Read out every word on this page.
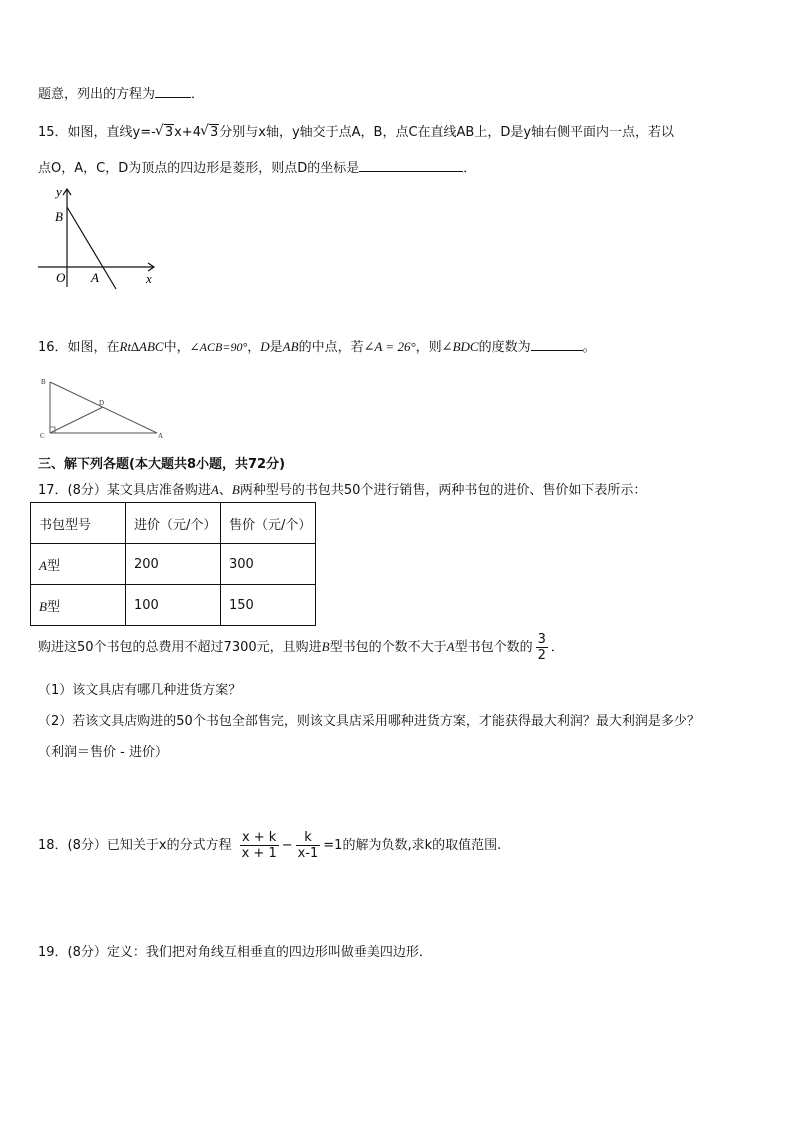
题意，列出的方程为	．
15．如图，直线y=- √ 3x+4 √ 3分别与x轴，y轴交于点A，B，点C在直线AB上，D是y轴右侧平面内一点，若以
点O，A，C，D为顶点的四边形是菱形，则点D的坐标是	．
y
B
O A	x
16．如图，在Rt∆ABC中，∠ACB=90°，D是AB的中点，若∠A = 26°，则∠BDC的度数为	。
B
D
C	A
三、解下列各题(本大题共8小题，共72分)
17．(8分）某文具店准备购进A、B两种型号的书包共50个进行销售，两种书包的进价、售价如下表所示：
书包型号	进价（元/个）	售价（元/个）
A型	200	300
B型	100	150
购进这50个书包的总费用不超过7300元，且购进B型书包的个数不大于A型书包个数的 $\frac{3}{2}$ ．
（1）该文具店有哪几种进货方案？
（2）若该文具店购进的50个书包全部售完，则该文具店采用哪种进货方案，才能获得最大利润？最大利润是多少？
（利润＝售价 - 进价）
18．(8分）已知关于x的分式方程 $\frac{x + k}{x + 1} - \frac{k}{x-1} =1$的解为负数,求k的取值范围.
19．(8分）定义：我们把对角线互相垂直的四边形叫做垂美四边形．
